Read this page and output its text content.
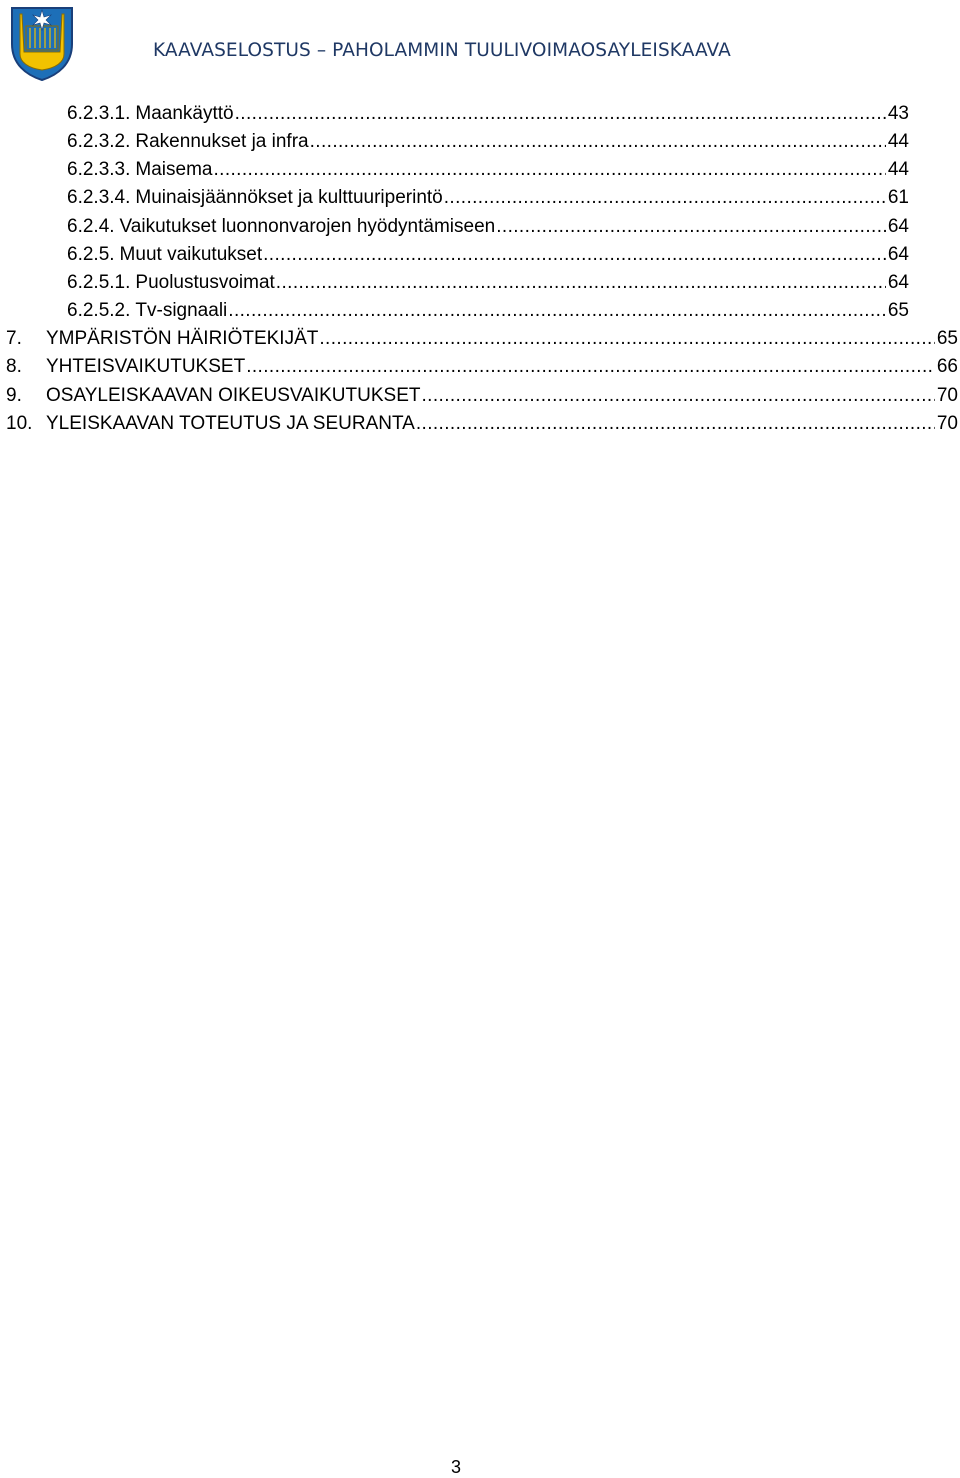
KAAVASELOSTUS – PAHOLAMMIN TUULIVOIMAOSAYLEISKAAVA
6.2.3.1. Maankäyttö .....	43
6.2.3.2. Rakennukset ja infra .....	44
6.2.3.3. Maisema .....	44
6.2.3.4. Muinaisjäännökset ja kulttuuriperintö .....	61
6.2.4. Vaikutukset luonnonvarojen hyödyntämiseen .....	64
6.2.5. Muut vaikutukset .....	64
6.2.5.1. Puolustusvoimat .....	64
6.2.5.2. Tv-signaali .....	65
7.	YMPÄRISTÖN HÄIRIÖTEKIJÄT .....	65
8.	YHTEISVAIKUTUKSET .....	66
9.	OSAYLEISKAAVAN OIKEUSVAIKUTUKSET .....	70
10. YLEISKAAVAN TOTEUTUS JA SEURANTA .....	70
3
